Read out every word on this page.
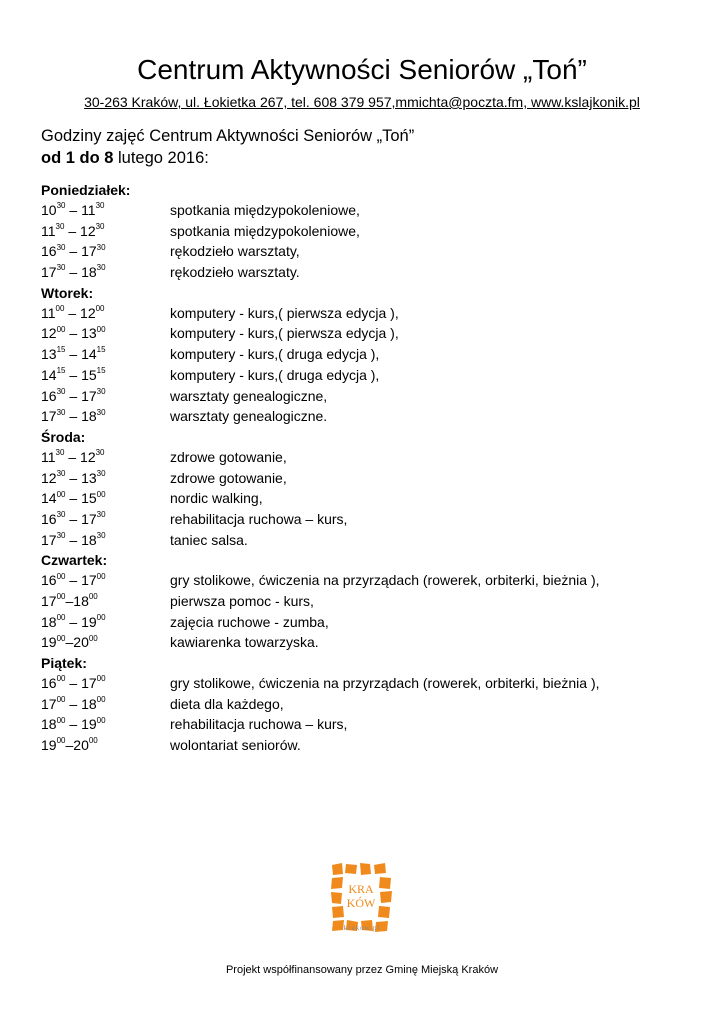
Centrum Aktywności Seniorów „Toń”
30-263 Kraków, ul. Łokietka 267, tel. 608 379 957,mmichta@poczta.fm, www.kslajkonik.pl
Godziny zajęć Centrum Aktywności Seniorów „Toń”
od 1 do 8 lutego 2016:
Poniedziałek:
$10^{30} - 11^{30}$	spotkania międzypokoleniowe,
$11^{30} - 12^{30}$	spotkania międzypokoleniowe,
$16^{30} - 17^{30}$	rękodzieło warsztaty,
$17^{30} - 18^{30}$	rękodzieło warsztaty.
Wtorek:
$11^{00} - 12^{00}$	komputery - kurs,( pierwsza edycja ),
$12^{00} - 13^{00}$	komputery - kurs,( pierwsza edycja ),
$13^{15} - 14^{15}$	komputery - kurs,( druga edycja ),
$14^{15} - 15^{15}$	komputery - kurs,( druga edycja ),
$16^{30} - 17^{30}$	warsztaty genealogiczne,
$17^{30} - 18^{30}$	warsztaty genealogiczne.
Środa:
$11^{30} - 12^{30}$	zdrowe gotowanie,
$12^{30} - 13^{30}$	zdrowe gotowanie,
$14^{00} - 15^{00}$	nordic walking,
$16^{30} - 17^{30}$	rehabilitacja ruchowa – kurs,
$17^{30} - 18^{30}$	taniec salsa.
Czwartek:
$16^{00} - 17^{00}$	gry stolikowe, ćwiczenia na przyrządach (rowerek, orbiterki, bieżnia ),
$17^{00}-18^{00}$	pierwsza pomoc - kurs,
$18^{00} - 19^{00}$	zajęcia ruchowe - zumba,
$19^{00}-20^{00}$	kawiarenka towarzyska.
Piątek:
$16^{00} - 17^{00}$	gry stolikowe, ćwiczenia na przyrządach (rowerek, orbiterki, bieżnia ),
$17^{00} - 18^{00}$	dieta dla każdego,
$18^{00} - 19^{00}$	rehabilitacja ruchowa – kurs,
$19^{00}-20^{00}$	wolontariat seniorów.
KRA
KÓW
krakow.pl
Projekt współfinansowany przez Gminę Miejską Kraków
